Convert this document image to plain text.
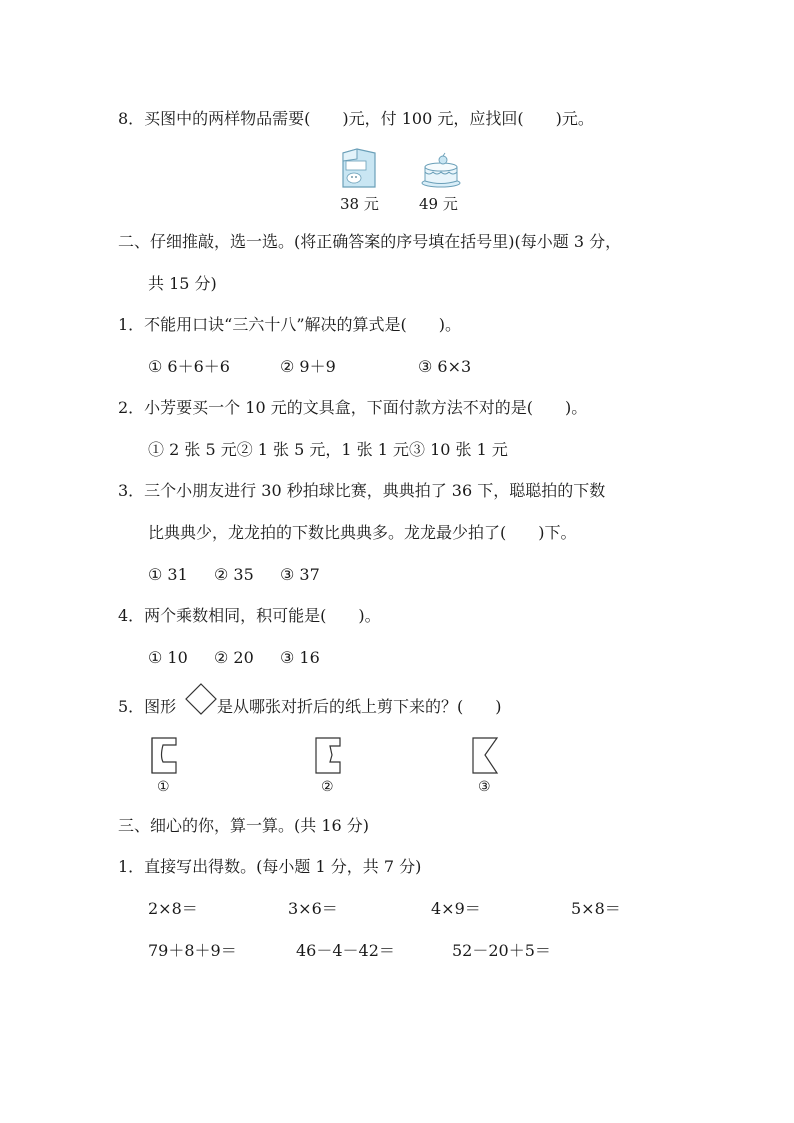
8．买图中的两样物品需要(　　)元，付 100 元，应找回(　　)元。
38 元	49 元
二、仔细推敲，选一选。(将正确答案的序号填在括号里)(每小题 3 分，
共 15 分)
1．不能用口诀“三六十八”解决的算式是(　　)。
① 6＋6＋6	② 9＋9	③ 6×3
2．小芳要买一个 10 元的文具盒，下面付款方法不对的是(　　)。
① 2 张 5 元② 1 张 5 元，1 张 1 元③ 10 张 1 元
3．三个小朋友进行 30 秒拍球比赛，典典拍了 36 下，聪聪拍的下数
比典典少，龙龙拍的下数比典典多。龙龙最少拍了(　　)下。
① 31 ② 35 ③ 37
4．两个乘数相同，积可能是(　　)。
① 10 ② 20 ③ 16
5．图形	是从哪张对折后的纸上剪下来的？(　　)
①	②	③
三、细心的你，算一算。(共 16 分)
1．直接写出得数。(每小题 1 分，共 7 分)
2×8＝	3×6＝	4×9＝	5×8＝
79＋8＋9＝	46－4－42＝	52－20＋5＝
